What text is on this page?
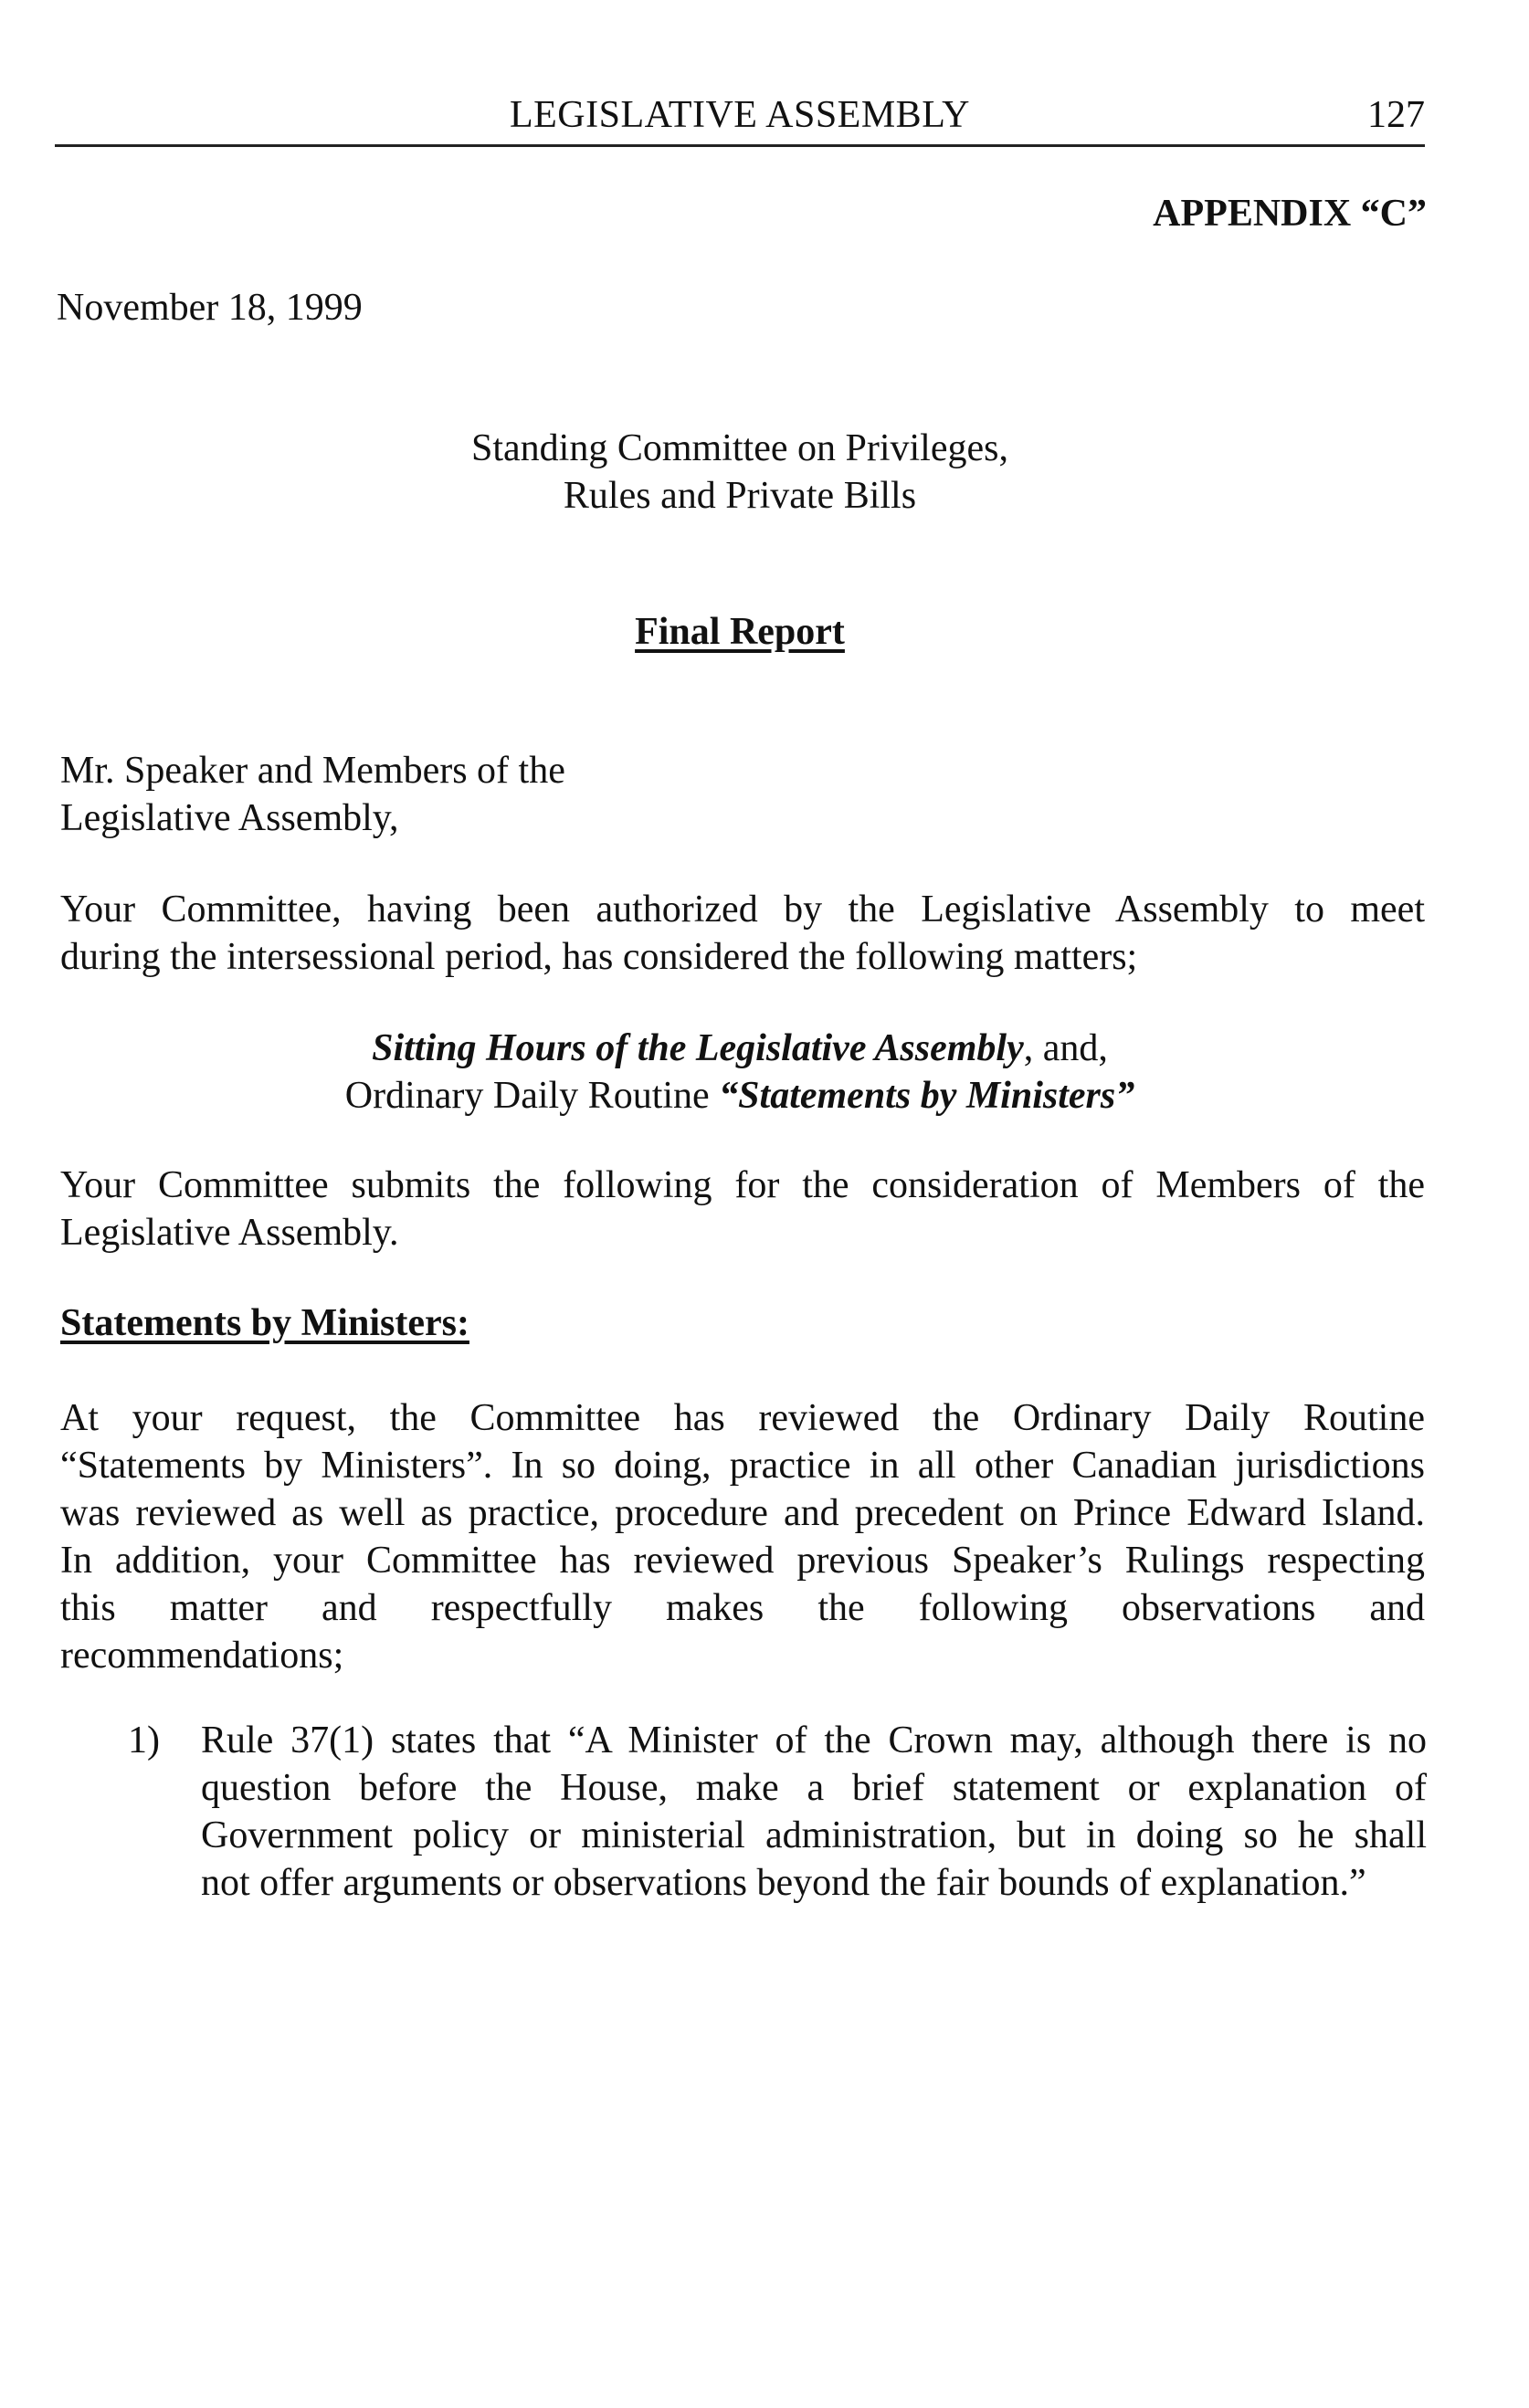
LEGISLATIVE ASSEMBLY	127
APPENDIX “C”
November 18, 1999
Standing Committee on Privileges,
Rules and Private Bills
Final Report
Mr. Speaker and Members of the
Legislative Assembly,
Your Committee, having been authorized by the Legislative Assembly to meet
during the intersessional period, has considered the following matters;
Sitting Hours of the Legislative Assembly, and,
Ordinary Daily Routine “Statements by Ministers”
Your Committee submits the following for the consideration of Members of the
Legislative Assembly.
Statements by Ministers:
At your request, the Committee has reviewed the Ordinary Daily Routine
“Statements by Ministers”. In so doing, practice in all other Canadian jurisdictions
was reviewed as well as practice, procedure and precedent on Prince Edward Island.
In addition, your Committee has reviewed previous Speaker’s Rulings respecting
this matter and respectfully makes the following observations and
recommendations;
1) Rule 37(1) states that “A Minister of the Crown may, although there is no
question before the House, make a brief statement or explanation of
Government policy or ministerial administration, but in doing so he shall
not offer arguments or observations beyond the fair bounds of explanation.”
